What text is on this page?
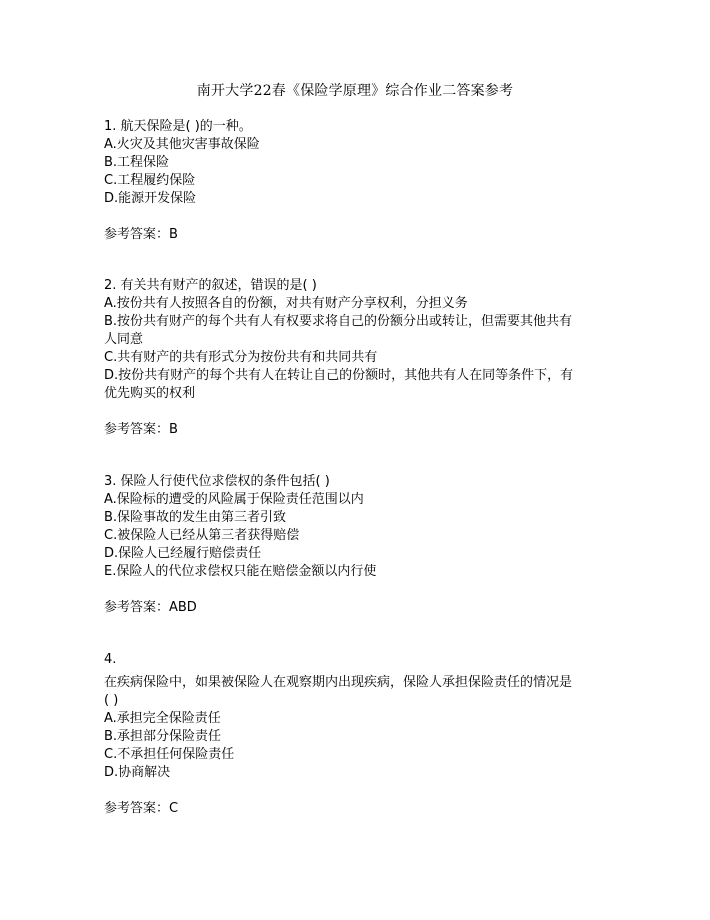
南开大学22春《保险学原理》综合作业二答案参考
1. 航天保险是( )的一种。
A.火灾及其他灾害事故保险
B.工程保险
C.工程履约保险
D.能源开发保险
参考答案：B
2. 有关共有财产的叙述，错误的是( )
A.按份共有人按照各自的份额，对共有财产分享权利，分担义务
B.按份共有财产的每个共有人有权要求将自己的份额分出或转让，但需要其他共有
人同意
C.共有财产的共有形式分为按份共有和共同共有
D.按份共有财产的每个共有人在转让自己的份额时，其他共有人在同等条件下，有
优先购买的权利
参考答案：B
3. 保险人行使代位求偿权的条件包括( )
A.保险标的遭受的风险属于保险责任范围以内
B.保险事故的发生由第三者引致
C.被保险人已经从第三者获得赔偿
D.保险人已经履行赔偿责任
E.保险人的代位求偿权只能在赔偿金额以内行使
参考答案：ABD
4.
在疾病保险中，如果被保险人在观察期内出现疾病，保险人承担保险责任的情况是
( )
A.承担完全保险责任
B.承担部分保险责任
C.不承担任何保险责任
D.协商解决
参考答案：C
